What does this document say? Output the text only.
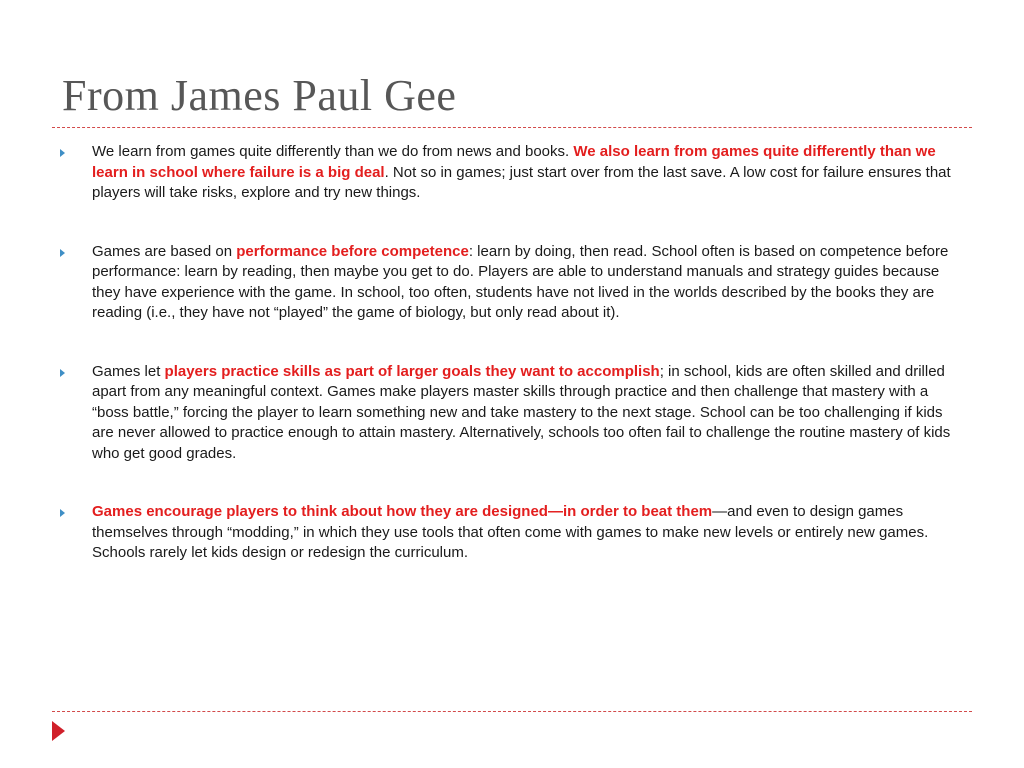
From James Paul Gee
We learn from games quite differently than we do from news and books. We also learn from games quite differently than we learn in school where failure is a big deal. Not so in games; just start over from the last save. A low cost for failure ensures that players will take risks, explore and try new things.
Games are based on performance before competence: learn by doing, then read. School often is based on competence before performance: learn by reading, then maybe you get to do. Players are able to understand manuals and strategy guides because they have experience with the game. In school, too often, students have not lived in the worlds described by the books they are reading (i.e., they have not “played” the game of biology, but only read about it).
Games let players practice skills as part of larger goals they want to accomplish; in school, kids are often skilled and drilled apart from any meaningful context. Games make players master skills through practice and then challenge that mastery with a “boss battle,” forcing the player to learn something new and take mastery to the next stage. School can be too challenging if kids are never allowed to practice enough to attain mastery. Alternatively, schools too often fail to challenge the routine mastery of kids who get good grades.
Games encourage players to think about how they are designed—in order to beat them—and even to design games themselves through “modding,” in which they use tools that often come with games to make new levels or entirely new games. Schools rarely let kids design or redesign the curriculum.
